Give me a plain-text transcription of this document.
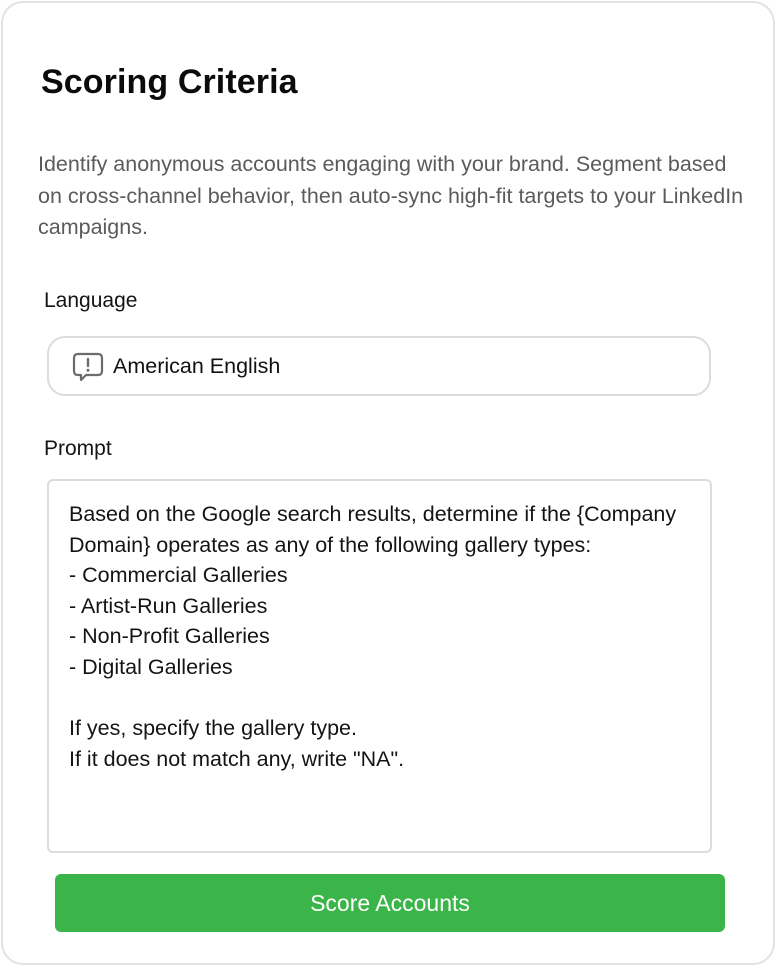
Scoring Criteria

Identify anonymous accounts engaging with your brand. Segment based on cross-channel behavior, then auto-sync high-fit targets to your LinkedIn campaigns.

Language
American English
Prompt
Based on the Google search results, determine if the {Company Domain} operates as any of the following gallery types: - Commercial Galleries - Artist-Run Galleries - Non-Profit Galleries - Digital Galleries If yes, specify the gallery type. If it does not match any, write "NA".
Score Accounts
